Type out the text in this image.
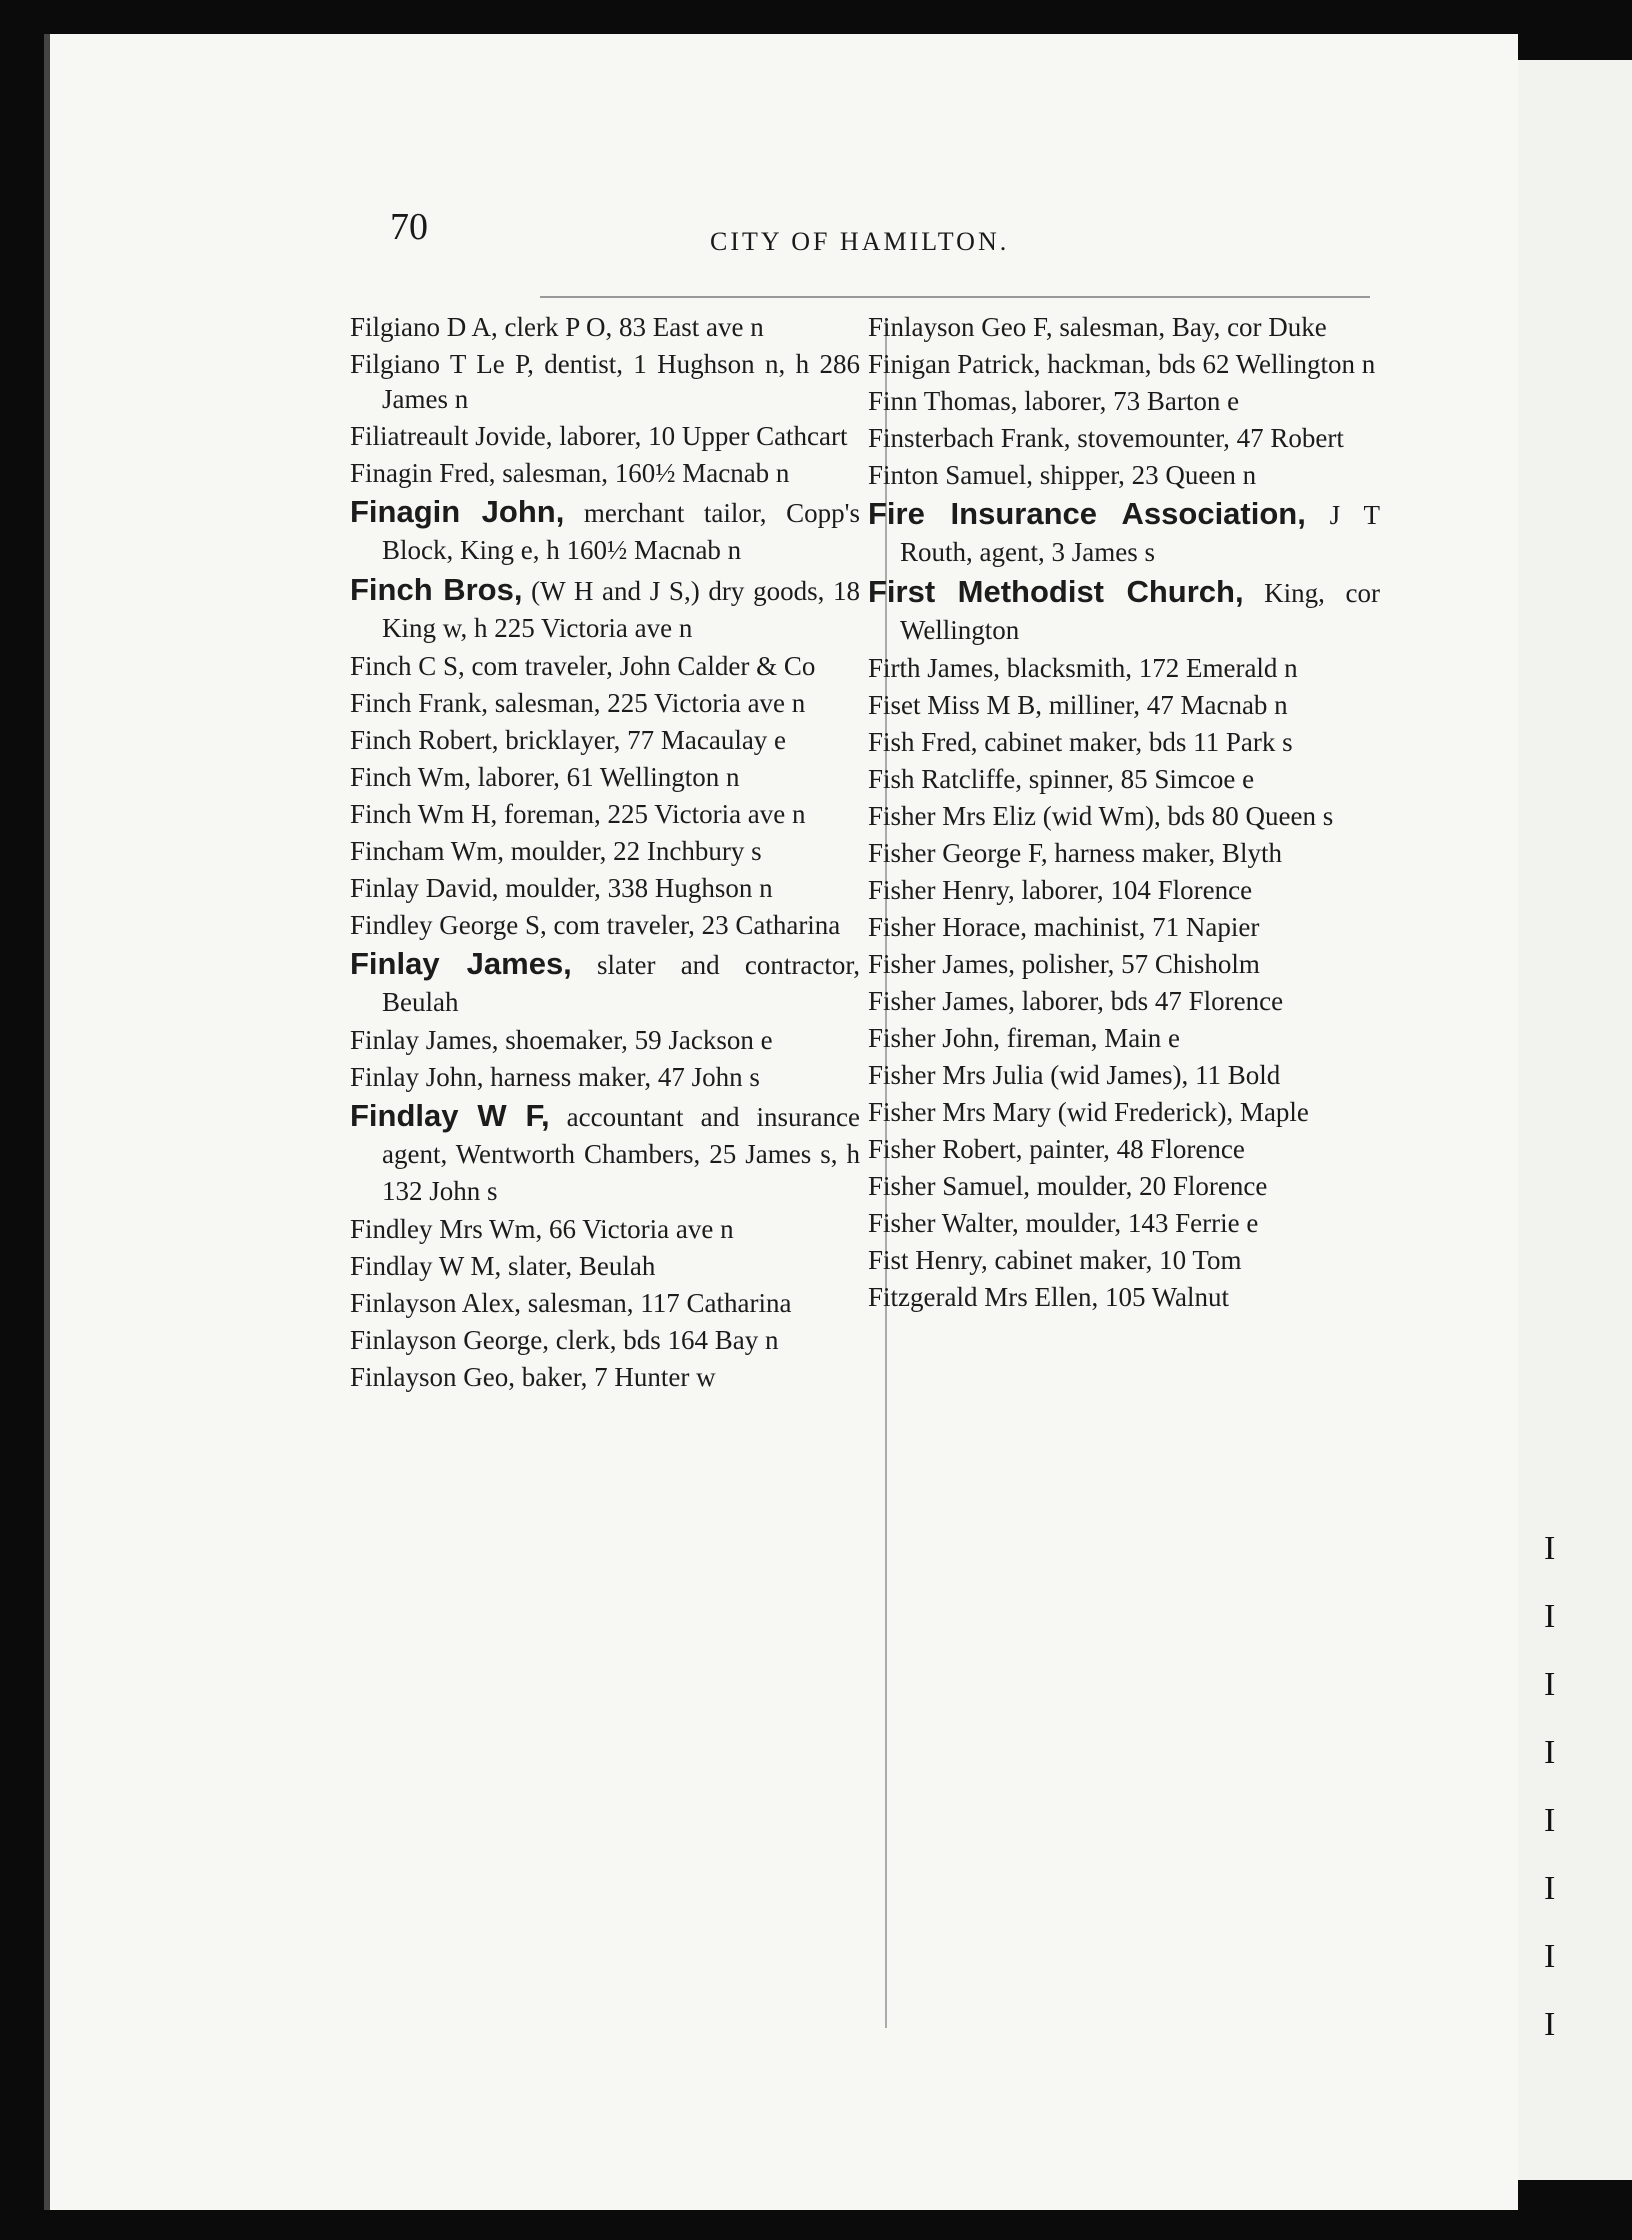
I
I
I
I
I
I
I
I
70	CITY OF HAMILTON.
Filgiano D A, clerk P O, 83 East ave n
Filgiano T Le P, dentist, 1 Hughson n, h 286 James n
Filiatreault Jovide, laborer, 10 Upper Cathcart
Finagin Fred, salesman, 160½ Macnab n
Finagin John, merchant tailor, Copp's Block, King e, h 160½ Macnab n
Finch Bros, (W H and J S,) dry goods, 18 King w, h 225 Victoria ave n
Finch C S, com traveler, John Calder & Co
Finch Frank, salesman, 225 Victoria ave n
Finch Robert, bricklayer, 77 Macaulay e
Finch Wm, laborer, 61 Wellington n
Finch Wm H, foreman, 225 Victoria ave n
Fincham Wm, moulder, 22 Inchbury s
Finlay David, moulder, 338 Hughson n
Findley George S, com traveler, 23 Catharina
Finlay James, slater and contractor, Beulah
Finlay James, shoemaker, 59 Jackson e
Finlay John, harness maker, 47 John s
Findlay W F, accountant and insurance agent, Wentworth Chambers, 25 James s, h 132 John s
Findley Mrs Wm, 66 Victoria ave n
Findlay W M, slater, Beulah
Finlayson Alex, salesman, 117 Catharina
Finlayson George, clerk, bds 164 Bay n
Finlayson Geo, baker, 7 Hunter w
Finlayson Geo F, salesman, Bay, cor Duke
Finigan Patrick, hackman, bds 62 Wellington n
Finn Thomas, laborer, 73 Barton e
Finsterbach Frank, stovemounter, 47 Robert
Finton Samuel, shipper, 23 Queen n
Fire Insurance Association, J T Routh, agent, 3 James s
First Methodist Church, King, cor Wellington
Firth James, blacksmith, 172 Emerald n
Fiset Miss M B, milliner, 47 Macnab n
Fish Fred, cabinet maker, bds 11 Park s
Fish Ratcliffe, spinner, 85 Simcoe e
Fisher Mrs Eliz (wid Wm), bds 80 Queen s
Fisher George F, harness maker, Blyth
Fisher Henry, laborer, 104 Florence
Fisher Horace, machinist, 71 Napier
Fisher James, polisher, 57 Chisholm
Fisher James, laborer, bds 47 Florence
Fisher John, fireman, Main e
Fisher Mrs Julia (wid James), 11 Bold
Fisher Mrs Mary (wid Frederick), Maple
Fisher Robert, painter, 48 Florence
Fisher Samuel, moulder, 20 Florence
Fisher Walter, moulder, 143 Ferrie e
Fist Henry, cabinet maker, 10 Tom
Fitzgerald Mrs Ellen, 105 Walnut
